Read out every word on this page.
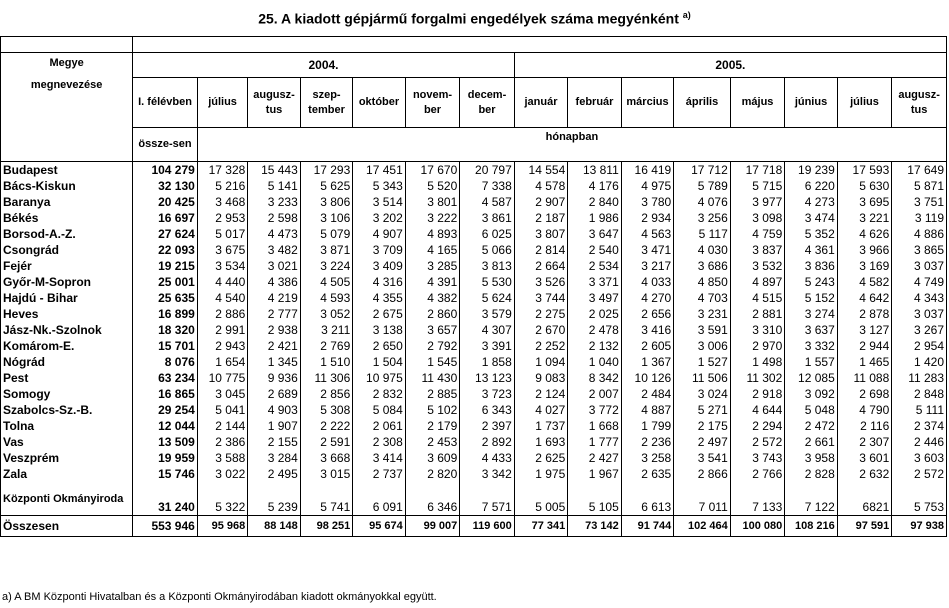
25. A kiadott gépjármű forgalmi engedélyek száma megyénként $^{a)}$

Megye
megnevezése	2004.							2005.							
	I. félévben	július	augusz-tus	szep-tember	október	novem-ber	decem-ber	január	február	március	április	május	június	július	augusz-tus
	össze-sen	hónapban													
Budapest	104 279	17 328	15 443	17 293	17 451	17 670	20 797	14 554	13 811	16 419	17 712	17 718	19 239	17 593	17 649
Bács-Kiskun	32 130	5 216	5 141	5 625	5 343	5 520	7 338	4 578	4 176	4 975	5 789	5 715	6 220	5 630	5 871
Baranya	20 425	3 468	3 233	3 806	3 514	3 801	4 587	2 907	2 840	3 780	4 076	3 977	4 273	3 695	3 751
Békés	16 697	2 953	2 598	3 106	3 202	3 222	3 861	2 187	1 986	2 934	3 256	3 098	3 474	3 221	3 119
Borsod-A.-Z.	27 624	5 017	4 473	5 079	4 907	4 893	6 025	3 807	3 647	4 563	5 117	4 759	5 352	4 626	4 886
Csongrád	22 093	3 675	3 482	3 871	3 709	4 165	5 066	2 814	2 540	3 471	4 030	3 837	4 361	3 966	3 865
Fejér	19 215	3 534	3 021	3 224	3 409	3 285	3 813	2 664	2 534	3 217	3 686	3 532	3 836	3 169	3 037
Győr-M-Sopron	25 001	4 440	4 386	4 505	4 316	4 391	5 530	3 526	3 371	4 033	4 850	4 897	5 243	4 582	4 749
Hajdú - Bihar	25 635	4 540	4 219	4 593	4 355	4 382	5 624	3 744	3 497	4 270	4 703	4 515	5 152	4 642	4 343
Heves	16 899	2 886	2 777	3 052	2 675	2 860	3 579	2 275	2 025	2 656	3 231	2 881	3 274	2 878	3 037
Jász-Nk.-Szolnok	18 320	2 991	2 938	3 211	3 138	3 657	4 307	2 670	2 478	3 416	3 591	3 310	3 637	3 127	3 267
Komárom-E.	15 701	2 943	2 421	2 769	2 650	2 792	3 391	2 252	2 132	2 605	3 006	2 970	3 332	2 944	2 954
Nógrád	8 076	1 654	1 345	1 510	1 504	1 545	1 858	1 094	1 040	1 367	1 527	1 498	1 557	1 465	1 420
Pest	63 234	10 775	9 936	11 306	10 975	11 430	13 123	9 083	8 342	10 126	11 506	11 302	12 085	11 088	11 283
Somogy	16 865	3 045	2 689	2 856	2 832	2 885	3 723	2 124	2 007	2 484	3 024	2 918	3 092	2 698	2 848
Szabolcs-Sz.-B.	29 254	5 041	4 903	5 308	5 084	5 102	6 343	4 027	3 772	4 887	5 271	4 644	5 048	4 790	5 111
Tolna	12 044	2 144	1 907	2 222	2 061	2 179	2 397	1 737	1 668	1 799	2 175	2 294	2 472	2 116	2 374
Vas	13 509	2 386	2 155	2 591	2 308	2 453	2 892	1 693	1 777	2 236	2 497	2 572	2 661	2 307	2 446
Veszprém	19 959	3 588	3 284	3 668	3 414	3 609	4 433	2 625	2 427	3 258	3 541	3 743	3 958	3 601	3 603
Zala	15 746	3 022	2 495	3 015	2 737	2 820	3 342	1 975	1 967	2 635	2 866	2 766	2 828	2 632	2 572
Központi Okmányiroda	31 240	5 322	5 239	5 741	6 091	6 346	7 571	5 005	5 105	6 613	7 011	7 133	7 122	6821	5 753
Összesen	553 946	95 968	88 148	98 251	95 674	99 007	119 600	77 341	73 142	91 744	102 464	100 080	108 216	97 591	97 938
a) A BM Központi Hivatalban és a Központi Okmányirodában kiadott okmányokkal együtt.
